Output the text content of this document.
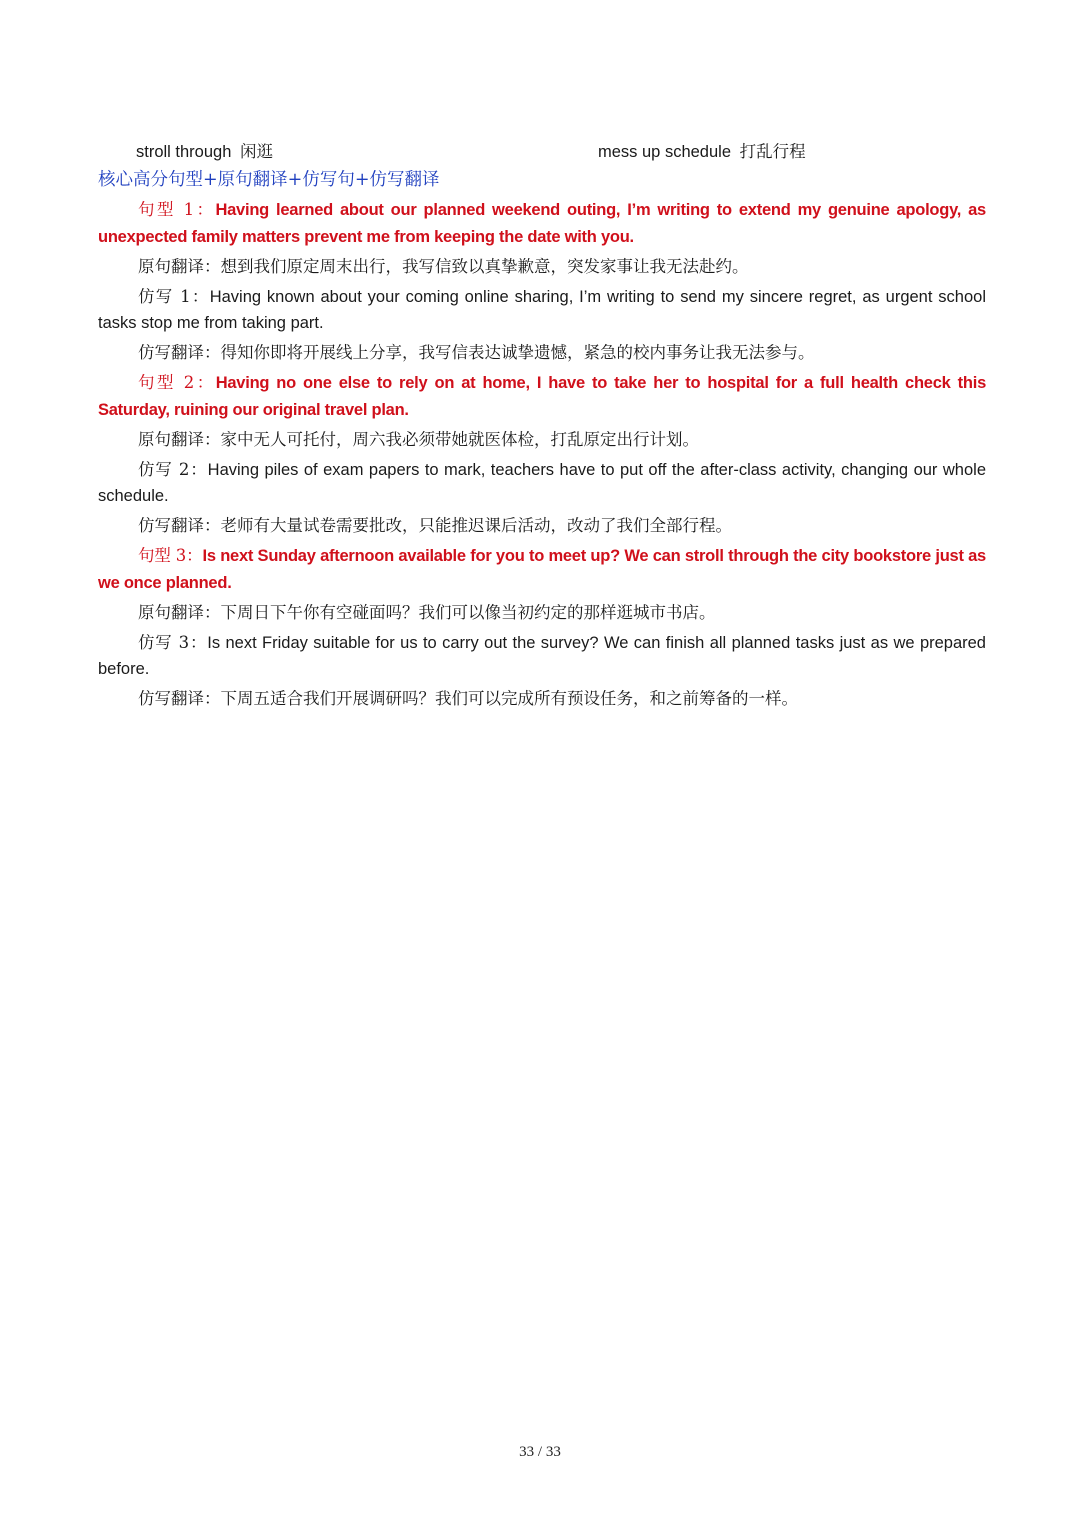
stroll through 闲逛	mess up schedule 打乱行程
核心高分句型+原句翻译+仿写句+仿写翻译

句型 1：Having learned about our planned weekend outing, I’m writing to extend my genuine apology, as unexpected family matters prevent me from keeping the date with you.

原句翻译：想到我们原定周末出行，我写信致以真挚歉意，突发家事让我无法赴约。

仿写 1：Having known about your coming online sharing, I’m writing to send my sincere regret, as urgent school tasks stop me from taking part.

仿写翻译：得知你即将开展线上分享，我写信表达诚挚遗憾，紧急的校内事务让我无法参与。

句型 2：Having no one else to rely on at home, I have to take her to hospital for a full health check this Saturday, ruining our original travel plan.

原句翻译：家中无人可托付，周六我必须带她就医体检，打乱原定出行计划。

仿写 2：Having piles of exam papers to mark, teachers have to put off the after-class activity, changing our whole schedule.

仿写翻译：老师有大量试卷需要批改，只能推迟课后活动，改动了我们全部行程。

句型 3：Is next Sunday afternoon available for you to meet up? We can stroll through the city bookstore just as we once planned.

原句翻译：下周日下午你有空碰面吗？我们可以像当初约定的那样逛城市书店。

仿写 3：Is next Friday suitable for us to carry out the survey? We can finish all planned tasks just as we prepared before.

仿写翻译：下周五适合我们开展调研吗？我们可以完成所有预设任务，和之前筹备的一样。

33 / 33
